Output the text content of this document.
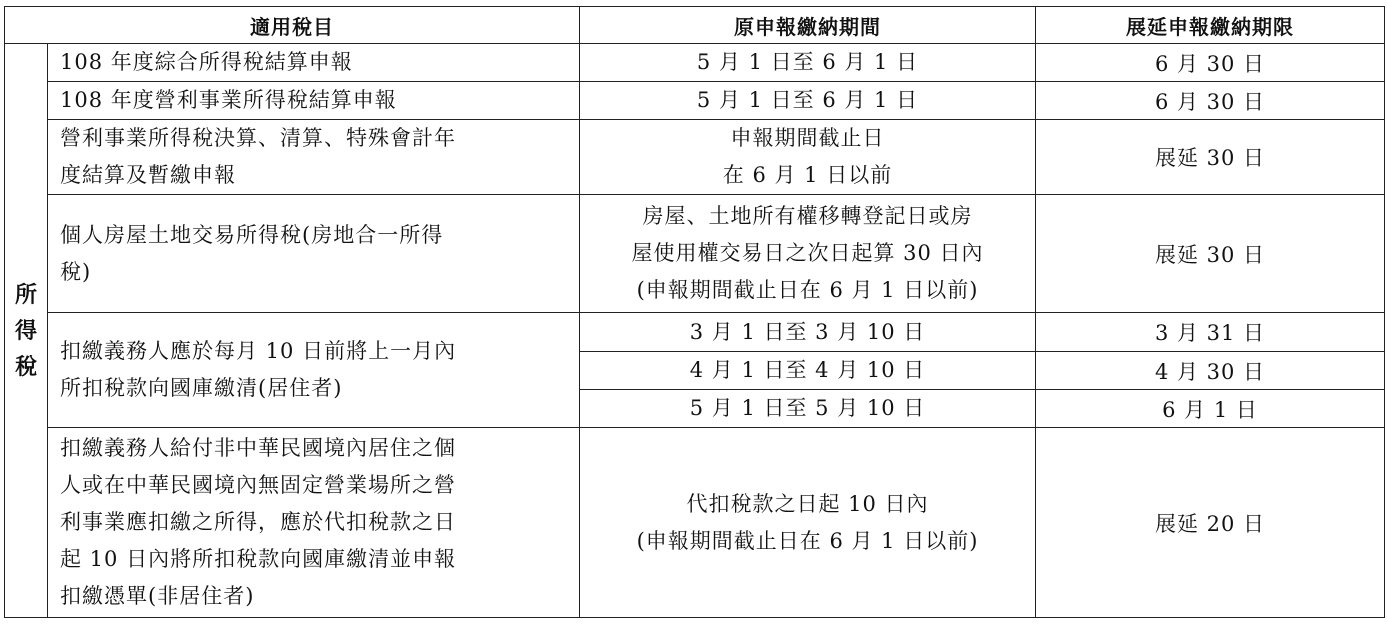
適用稅目		原申報繳納期間	展延申報繳納期限

所
得
稅	108 年度綜合所得稅結算申報	5 月 1 日至 6 月 1 日	6 月 30 日

	108 年度營利事業所得稅結算申報	5 月 1 日至 6 月 1 日	6 月 30 日

	營利事業所得稅決算、清算、特殊會計年
度結算及暫繳申報	申報期間截止日
在 6 月 1 日以前	展延 30 日

	個人房屋土地交易所得稅(房地合一所得
稅)	房屋、土地所有權移轉登記日或房
屋使用權交易日之次日起算 30 日內
(申報期間截止日在 6 月 1 日以前)	展延 30 日

	扣繳義務人應於每月 10 日前將上一月內
所扣稅款向國庫繳清(居住者)	3 月 1 日至 3 月 10 日	3 月 31 日
		4 月 1 日至 4 月 10 日	4 月 30 日
		5 月 1 日至 5 月 10 日	6 月 1 日

	扣繳義務人給付非中華民國境內居住之個
人或在中華民國境內無固定營業場所之營
利事業應扣繳之所得，應於代扣稅款之日
起 10 日內將所扣稅款向國庫繳清並申報
扣繳憑單(非居住者)	代扣稅款之日起 10 日內
(申報期間截止日在 6 月 1 日以前)	展延 20 日
